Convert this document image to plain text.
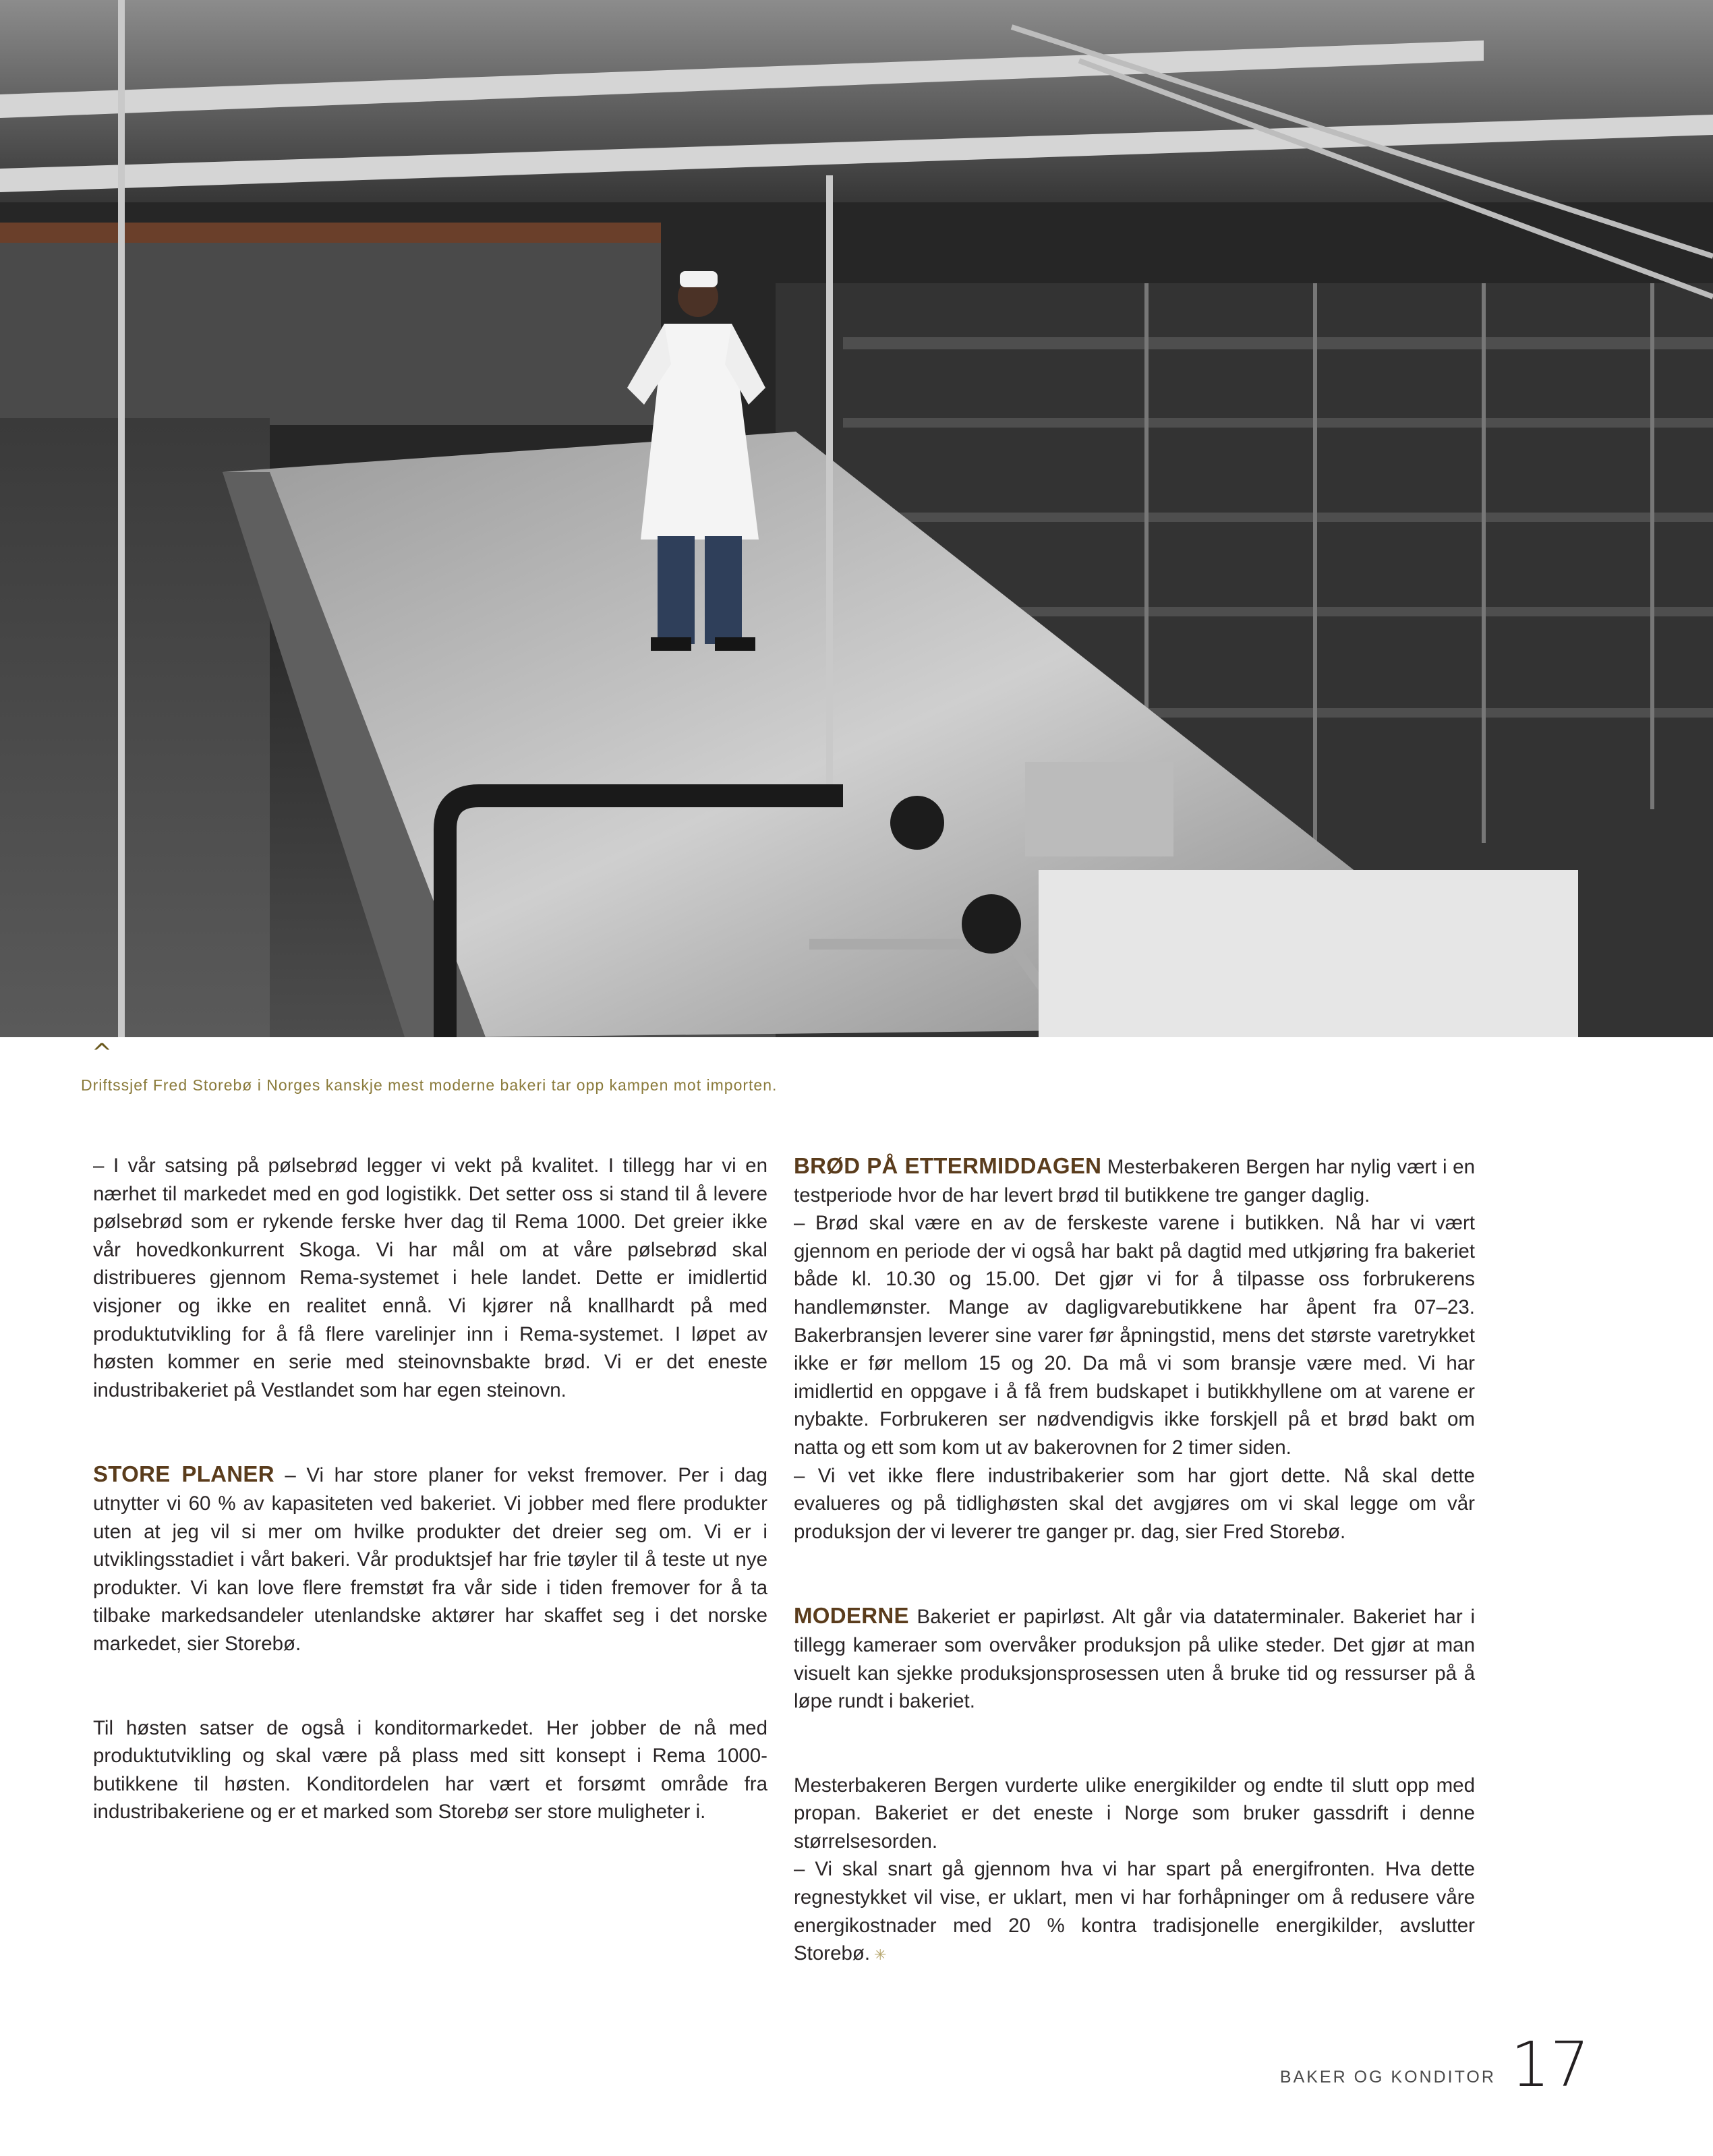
^
Driftssjef Fred Storebø i Norges kanskje mest moderne bakeri tar opp kampen mot importen.

– I vår satsing på pølsebrød legger vi vekt på kvalitet. I tillegg har vi en nærhet til markedet med en god logistikk. Det setter oss si stand til å levere pølsebrød som er rykende ferske hver dag til Rema 1000. Det greier ikke vår hovedkonkurrent Skoga. Vi har mål om at våre pølsebrød skal distribueres gjennom Rema-systemet i hele landet. Dette er imidlertid visjoner og ikke en realitet ennå. Vi kjører nå knallhardt på med produktutvikling for å få flere varelinjer inn i Rema-systemet. I løpet av høsten kommer en serie med steinovnsbakte brød. Vi er det eneste industribakeriet på Vestlandet som har egen steinovn.

STORE PLANER – Vi har store planer for vekst fremover. Per i dag utnytter vi 60 % av kapasiteten ved bakeriet. Vi jobber med flere produkter uten at jeg vil si mer om hvilke produkter det dreier seg om. Vi er i utviklingsstadiet i vårt bakeri. Vår produktsjef har frie tøyler til å teste ut nye produkter. Vi kan love flere fremstøt fra vår side i tiden fremover for å ta tilbake markedsandeler utenlandske aktører har skaffet seg i det norske markedet, sier Storebø.

Til høsten satser de også i konditormarkedet. Her jobber de nå med produktutvikling og skal være på plass med sitt konsept i Rema 1000-butikkene til høsten. Konditordelen har vært et forsømt område fra industribakeriene og er et marked som Storebø ser store muligheter i.

BRØD PÅ ETTERMIDDAGEN Mesterbakeren Bergen har nylig vært i en testperiode hvor de har levert brød til butikkene tre ganger daglig.

– Brød skal være en av de ferskeste varene i butikken. Nå har vi vært gjennom en periode der vi også har bakt på dagtid med utkjøring fra bakeriet både kl. 10.30 og 15.00. Det gjør vi for å tilpasse oss forbrukerens handlemønster. Mange av dagligvarebutikkene har åpent fra 07–23. Bakerbransjen leverer sine varer før åpningstid, mens det største varetrykket ikke er før mellom 15 og 20. Da må vi som bransje være med. Vi har imidlertid en oppgave i å få frem budskapet i butikkhyllene om at varene er nybakte. Forbrukeren ser nødvendigvis ikke forskjell på et brød bakt om natta og ett som kom ut av bakerovnen for 2 timer siden.

– Vi vet ikke flere industribakerier som har gjort dette. Nå skal dette evalueres og på tidlighøsten skal det avgjøres om vi skal legge om vår produksjon der vi leverer tre ganger pr. dag, sier Fred Storebø.

MODERNE Bakeriet er papirløst. Alt går via dataterminaler. Bakeriet har i tillegg kameraer som overvåker produksjon på ulike steder. Det gjør at man visuelt kan sjekke produksjonsprosessen uten å bruke tid og ressurser på å løpe rundt i bakeriet.

Mesterbakeren Bergen vurderte ulike energikilder og endte til slutt opp med propan. Bakeriet er det eneste i Norge som bruker gassdrift i denne størrelsesorden.

– Vi skal snart gå gjennom hva vi har spart på energifronten. Hva dette regnestykket vil vise, er uklart, men vi har forhåpninger om å redusere våre energikostnader med 20 % kontra tradisjonelle energikilder, avslutter Storebø. ✳

BAKER OG KONDITOR 17
